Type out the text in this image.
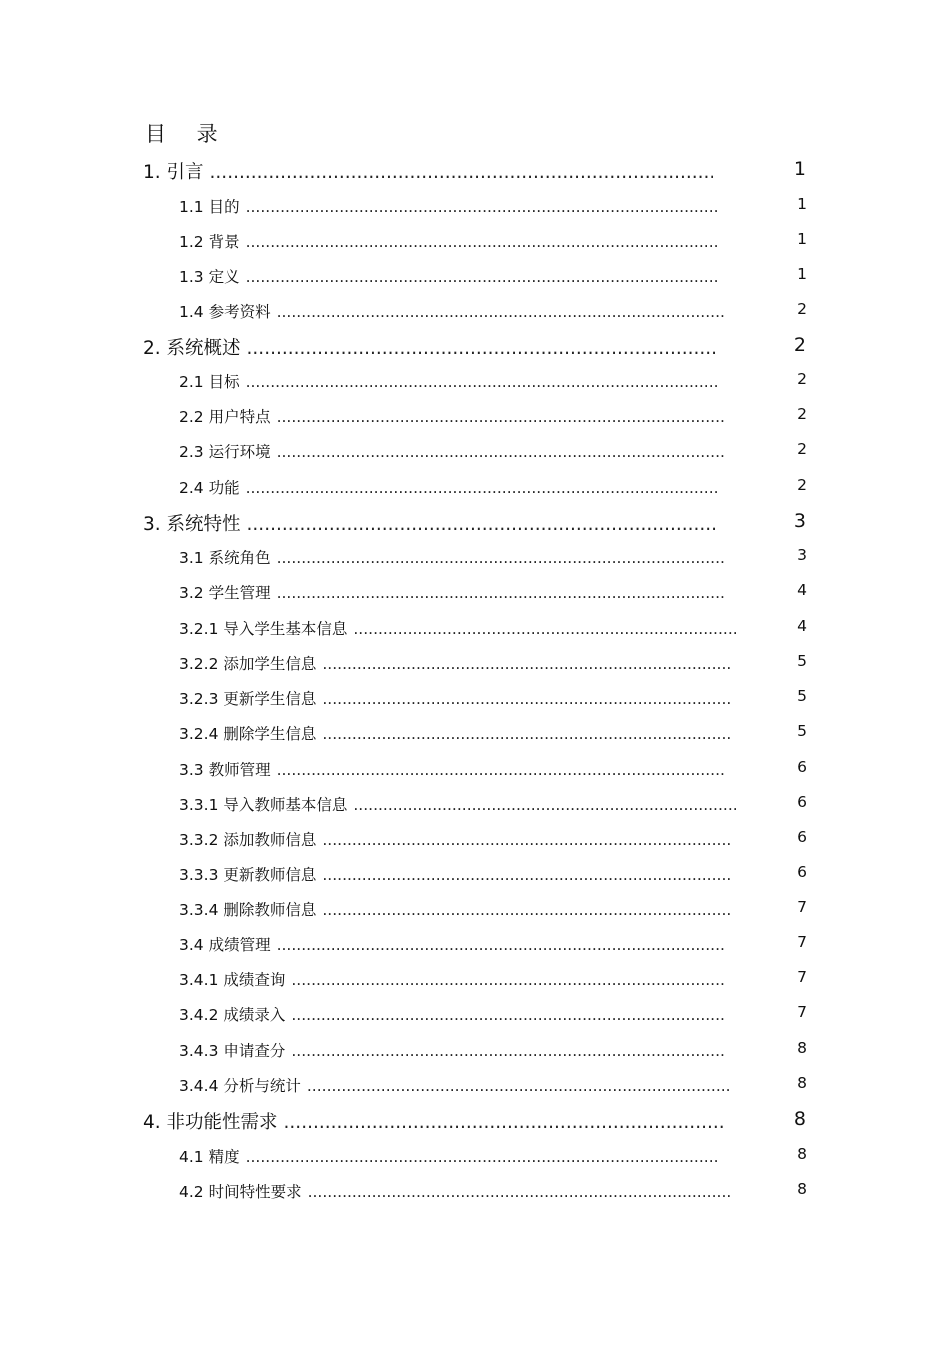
目 录
1. 引言 .....	1
1.1 目的 .....	1
1.2 背景 .....	1
1.3 定义 .....	1
1.4 参考资料 .....	2
2. 系统概述 .....	2
2.1 目标 .....	2
2.2 用户特点 .....	2
2.3 运行环境 .....	2
2.4 功能 .....	2
3. 系统特性 .....	3
3.1 系统角色 .....	3
3.2 学生管理 .....	4
3.2.1 导入学生基本信息 .....	4
3.2.2 添加学生信息 .....	5
3.2.3 更新学生信息 .....	5
3.2.4 删除学生信息 .....	5
3.3 教师管理 .....	6
3.3.1 导入教师基本信息 .....	6
3.3.2 添加教师信息 .....	6
3.3.3 更新教师信息 .....	6
3.3.4 删除教师信息 .....	7
3.4 成绩管理 .....	7
3.4.1 成绩查询 .....	7
3.4.2 成绩录入 .....	7
3.4.3 申请查分 .....	8
3.4.4 分析与统计 .....	8
4. 非功能性需求 .....	8
4.1 精度 .....	8
4.2 时间特性要求 .....	8
